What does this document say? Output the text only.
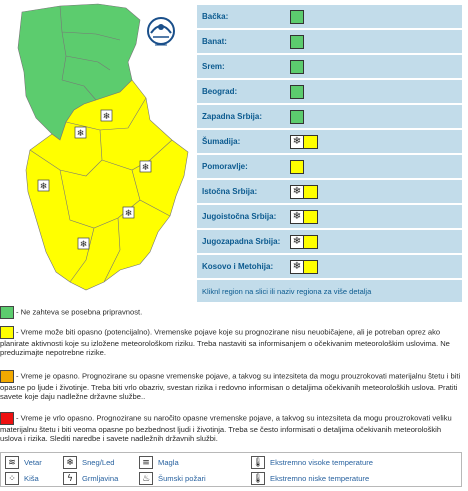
❄
❄
❄
❄
❄
❄
Bačka:
Banat:
Srem:
Beograd:
Zapadna Srbija:
Šumadija:	❄
Pomoravlje:
Istočna Srbija:	❄
Jugoistočna Srbija:	❄
Jugozapadna Srbija:	❄
Kosovo i Metohija:	❄
Kliknl region na slici ili naziv regiona za više detalja
- Ne zahteva se posebna pripravnost.
- Vreme može biti opasno (potencijalno). Vremenske pojave koje su prognozirane nisu neuobičajene, ali je potreban oprez ako planirate aktivnosti koje su izložene meteorološkom riziku. Treba nastaviti sa informisanjem o očekivanim meteorološkim uslovima. Ne preduzimajte nepotrebne rizike.
- Vreme je opasno. Prognozirane su opasne vremenske pojave, a takvog su intezsiteta da mogu prouzrokovati materijalnu štetu i biti opasne po ljude i životinje. Treba biti vrlo obazriv, svestan rizika i redovno informisan o detaljima očekivanih meteoroloških uslova. Pratiti savete koje daju nadležne državne službe..
- Vreme je vrlo opasno. Prognozirane su naročito opasne vremenske pojave, a takvog su intezsiteta da mogu prouzrokovati veliku materijalnu štetu i biti veoma opasne po bezbednost ljudi i životinja. Treba se često informisati o detaljima očekivanih meteoroloških uslova i rizika. Slediti naredbe i savete nadležnih državnih službi.
≋	Vetar	❄	Sneg/Led	≡	Magla	🌡 Ekstremno visoke temperature
⁘	Kiša	ϟ	Grmljavina	♨	Šumski požari	🌡 Ekstremno niske temperature
